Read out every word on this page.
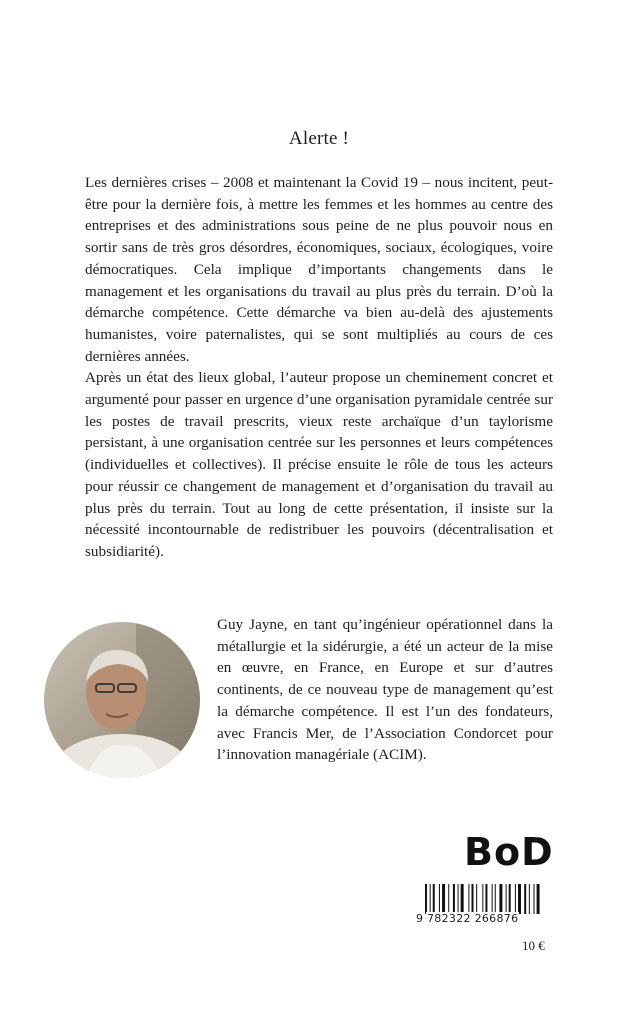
Alerte !

Les dernières crises – 2008 et maintenant la Covid 19 – nous incitent, peut-être pour la dernière fois, à mettre les femmes et les hommes au centre des entreprises et des administrations sous peine de ne plus pouvoir nous en sortir sans de très gros désordres, économiques, sociaux, écologiques, voire démocratiques. Cela implique d’importants changements dans le management et les organisations du travail au plus près du terrain. D’où la démarche compétence. Cette démarche va bien au-delà des ajustements humanistes, voire paternalistes, qui se sont multipliés au cours de ces dernières années.

Après un état des lieux global, l’auteur propose un cheminement concret et argumenté pour passer en urgence d’une organisation pyramidale centrée sur les postes de travail prescrits, vieux reste archaïque d’un taylorisme persistant, à une organisation centrée sur les personnes et leurs compétences (individuelles et collectives). Il précise ensuite le rôle de tous les acteurs pour réussir ce changement de management et d’organisation du travail au plus près du terrain. Tout au long de cette présentation, il insiste sur la nécessité incontournable de redistribuer les pouvoirs (décentralisation et subsidiarité).

Guy Jayne, en tant qu’ingénieur opérationnel dans la métallurgie et la sidérurgie, a été un acteur de la mise en œuvre, en France, en Europe et sur d’autres continents, de ce nouveau type de management qu’est la démarche compétence. Il est l’un des fondateurs, avec Francis Mer, de l’Association Condorcet pour l’innovation managériale (ACIM).

BoD
9 782322 266876
10 €
